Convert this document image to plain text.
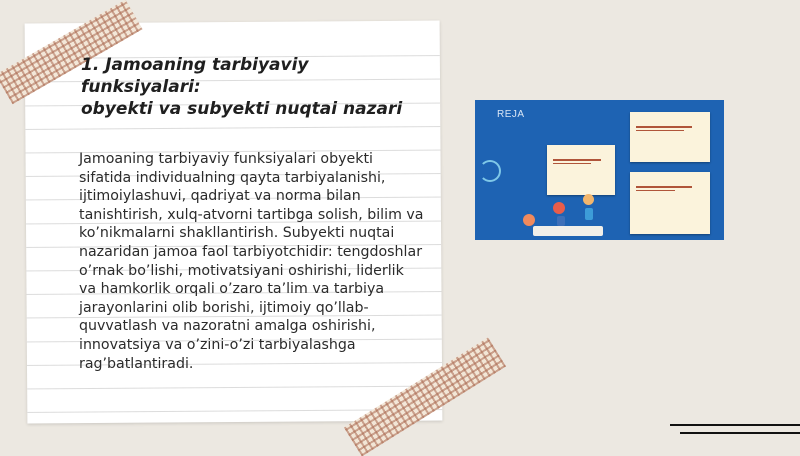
1. Jamoaning tarbiyaviy funksiyalari:
obyekti va subyekti nuqtai nazari

Jamoaning tarbiyaviy funksiyalari obyekti sifatida individualning qayta tarbiyalanishi, ijtimoiylashuvi, qadriyat va norma bilan tanishtirish, xulq-atvorni tartibga solish, bilim va ko’nikmalarni shakllantirish. Subyekti nuqtai nazaridan jamoa faol tarbiyotchidir: tengdoshlar o’rnak bo’lishi, motivatsiyani oshirishi, liderlik va hamkorlik orqali o’zaro ta’lim va tarbiya jarayonlarini olib borishi, ijtimoiy qo’llab-quvvatlash va nazoratni amalga oshirishi, innovatsiya va o’zini-o’zi tarbiyalashga rag’batlantiradi.

REJA
